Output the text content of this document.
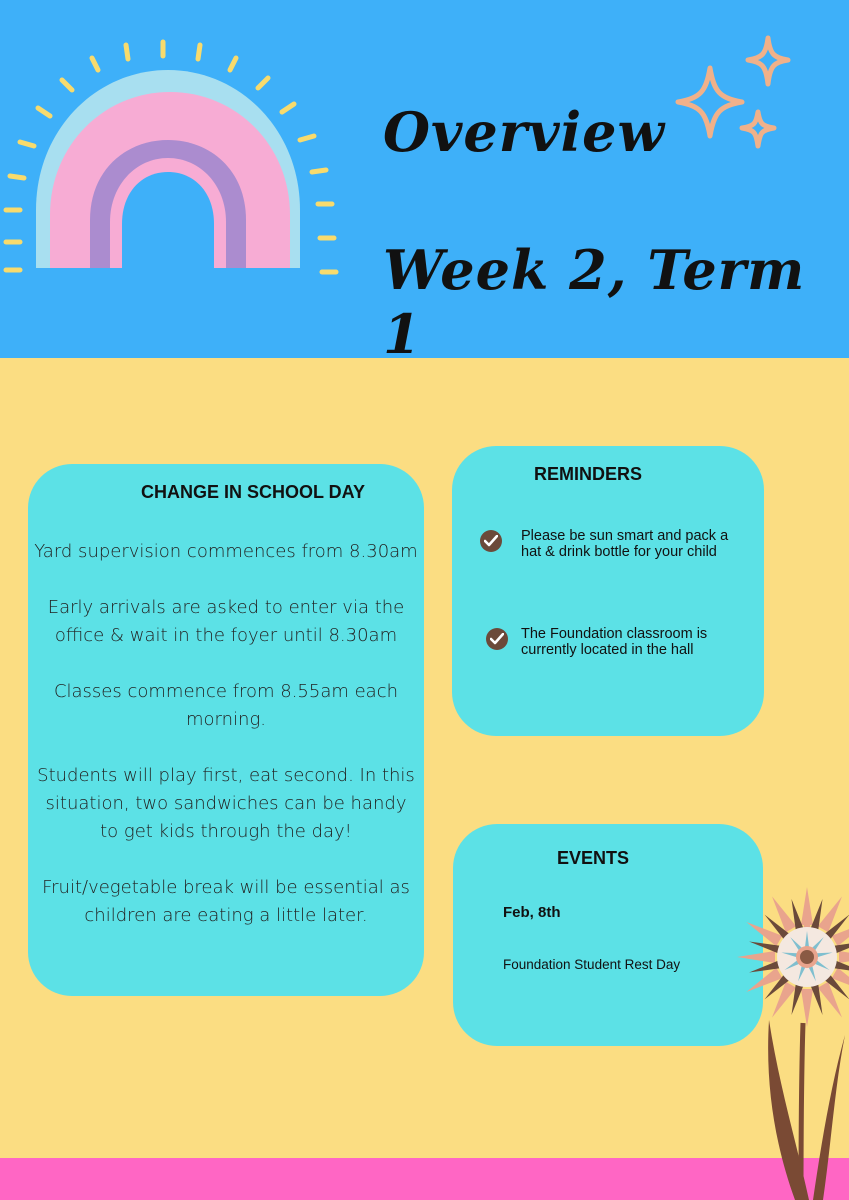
Overview
Week 2, Term 1
CHANGE IN SCHOOL DAY

Yard supervision commences from 8.30am

Early arrivals are asked to enter via the office & wait in the foyer until 8.30am

Classes commence from 8.55am each morning.

Students will play first, eat second. In this situation, two sandwiches can be handy to get kids through the day!

Fruit/vegetable break will be essential as children are eating a little later.

REMINDERS
Please be sun smart and pack a hat & drink bottle for your child
The Foundation classroom is currently located in the hall
EVENTS
Feb, 8th
Foundation Student Rest Day
